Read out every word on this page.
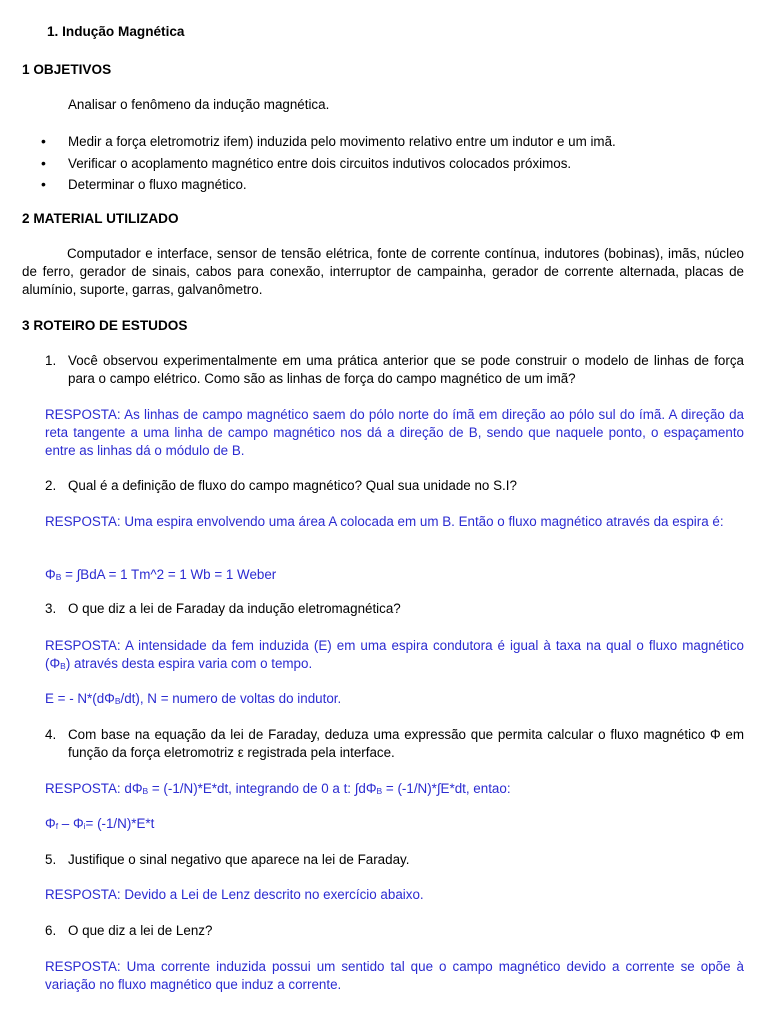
1. Indução Magnética

1 OBJETIVOS

Analisar o fenômeno da indução magnética.

• Medir a força eletromotriz ifem) induzida pelo movimento relativo entre um indutor e um imã.
• Verificar o acoplamento magnético entre dois circuitos indutivos colocados próximos.
• Determinar o fluxo magnético.

2 MATERIAL UTILIZADO

Computador e interface, sensor de tensão elétrica, fonte de corrente contínua, indutores (bobinas), imãs, núcleo de ferro, gerador de sinais, cabos para conexão, interruptor de campainha, gerador de corrente alternada, placas de alumínio, suporte, garras, galvanômetro.

3 ROTEIRO DE ESTUDOS

1. Você observou experimentalmente em uma prática anterior que se pode construir o modelo de linhas de força para o campo elétrico. Como são as linhas de força do campo magnético de um imã?

RESPOSTA: As linhas de campo magnético saem do pólo norte do ímã em direção ao pólo sul do ímã. A direção da reta tangente a uma linha de campo magnético nos dá a direção de B, sendo que naquele ponto, o espaçamento entre as linhas dá o módulo de B.

2. Qual é a definição de fluxo do campo magnético? Qual sua unidade no S.I?

RESPOSTA: Uma espira envolvendo uma área A colocada em um B. Então o fluxo magnético através da espira é:

$\Phi_B = \int BdA = 1$ Tm^2 = 1 Wb = 1 Weber

3. O que diz a lei de Faraday da indução eletromagnética?

RESPOSTA: A intensidade da fem induzida (E) em uma espira condutora é igual à taxa na qual o fluxo magnético $(\Phi_B)$ através desta espira varia com o tempo.

E = - $N*(d\Phi_B/dt)$, N = numero de voltas do indutor.

4. Com base na equação da lei de Faraday, deduza uma expressão que permita calcular o fluxo magnético Φ em função da força eletromotriz ε registrada pela interface.

RESPOSTA: $d\Phi_B = (-1/N)*E*dt$, integrando de 0 a t: $\int d\Phi_B = (-1/N)*\int E*dt$, entao:

$\Phi_f - \Phi_i= (-1/N)*E*t$

5. Justifique o sinal negativo que aparece na lei de Faraday.

RESPOSTA: Devido a Lei de Lenz descrito no exercício abaixo.

6. O que diz a lei de Lenz?

RESPOSTA: Uma corrente induzida possui um sentido tal que o campo magnético devido a corrente se opõe à variação no fluxo magnético que induz a corrente.
